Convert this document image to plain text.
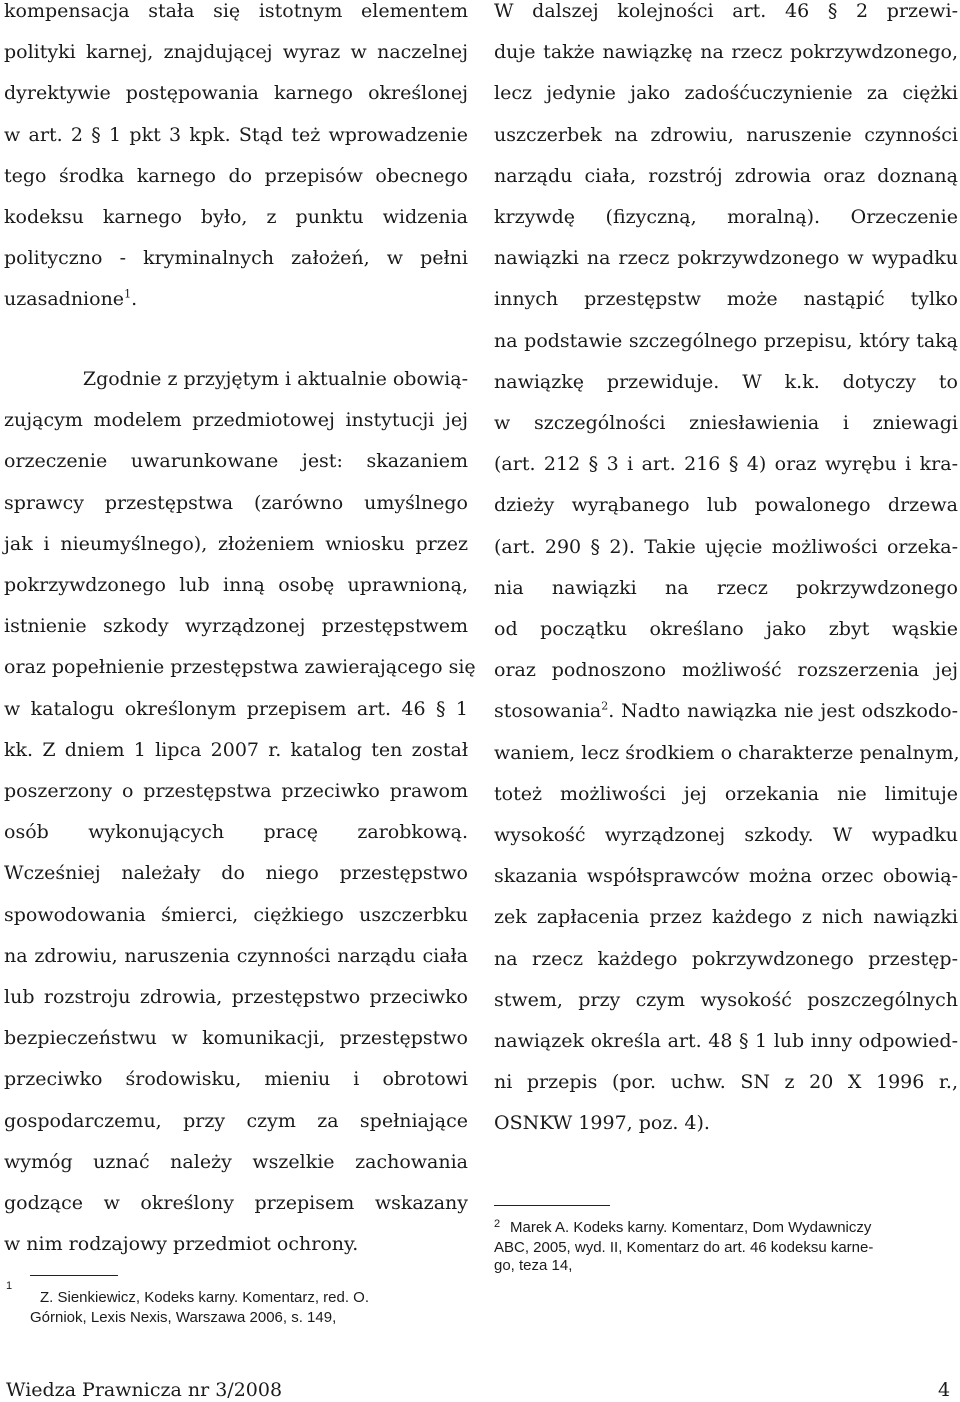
kompensacja stała się istotnym elementem
polityki karnej, znajdującej wyraz w naczelnej
dyrektywie postępowania karnego określonej
w art. 2 § 1 pkt 3 kpk. Stąd też wprowadzenie
tego środka karnego do przepisów obecnego
kodeksu karnego było, z punktu widzenia
polityczno - kryminalnych założeń, w pełni
uzasadnione$^1$.
Zgodnie z przyjętym i aktualnie obowią-
zującym modelem przedmiotowej instytucji jej
orzeczenie uwarunkowane jest: skazaniem
sprawcy przestępstwa (zarówno umyślnego
jak i nieumyślnego), złożeniem wniosku przez
pokrzywdzonego lub inną osobę uprawnioną,
istnienie szkody wyrządzonej przestępstwem
oraz popełnienie przestępstwa zawierającego się
w katalogu określonym przepisem art. 46 § 1
kk. Z dniem 1 lipca 2007 r. katalog ten został
poszerzony o przestępstwa przeciwko prawom
osób wykonujących pracę zarobkową.
Wcześniej należały do niego przestępstwo
spowodowania śmierci, ciężkiego uszczerbku
na zdrowiu, naruszenia czynności narządu ciała
lub rozstroju zdrowia, przestępstwo przeciwko
bezpieczeństwu w komunikacji, przestępstwo
przeciwko środowisku, mieniu i obrotowi
gospodarczemu, przy czym za spełniające
wymóg uznać należy wszelkie zachowania
godzące w określony przepisem wskazany
w nim rodzajowy przedmiot ochrony.
W dalszej kolejności art. 46 § 2 przewi-
duje także nawiązkę na rzecz pokrzywdzonego,
lecz jedynie jako zadośćuczynienie za ciężki
uszczerbek na zdrowiu, naruszenie czynności
narządu ciała, rozstrój zdrowia oraz doznaną
krzywdę (fizyczną, moralną). Orzeczenie
nawiązki na rzecz pokrzywdzonego w wypadku
innych przestępstw może nastąpić tylko
na podstawie szczególnego przepisu, który taką
nawiązkę przewiduje. W k.k. dotyczy to
w szczególności zniesławienia i zniewagi
(art. 212 § 3 i art. 216 § 4) oraz wyrębu i kra-
dzieży wyrąbanego lub powalonego drzewa
(art. 290 § 2). Takie ujęcie możliwości orzeka-
nia nawiązki na rzecz pokrzywdzonego
od początku określano jako zbyt wąskie
oraz podnoszono możliwość rozszerzenia jej
stosowania$^2$. Nadto nawiązka nie jest odszkodo-
waniem, lecz środkiem o charakterze penalnym,
toteż możliwości jej orzekania nie limituje
wysokość wyrządzonej szkody. W wypadku
skazania współsprawców można orzec obowią-
zek zapłacenia przez każdego z nich nawiązki
na rzecz każdego pokrzywdzonego przestęp-
stwem, przy czym wysokość poszczególnych
nawiązek określa art. 48 § 1 lub inny odpowied-
ni przepis (por. uchw. SN z 20 X 1996 r.,
OSNKW 1997, poz. 4).
1
Z. Sienkiewicz, Kodeks karny. Komentarz, red. O.
Górniok, Lexis Nexis, Warszawa 2006, s. 149,
2 Marek A. Kodeks karny. Komentarz, Dom Wydawniczy
ABC, 2005, wyd. II, Komentarz do art. 46 kodeksu karne-
go, teza 14,
Wiedza Prawnicza nr 3/2008	4
